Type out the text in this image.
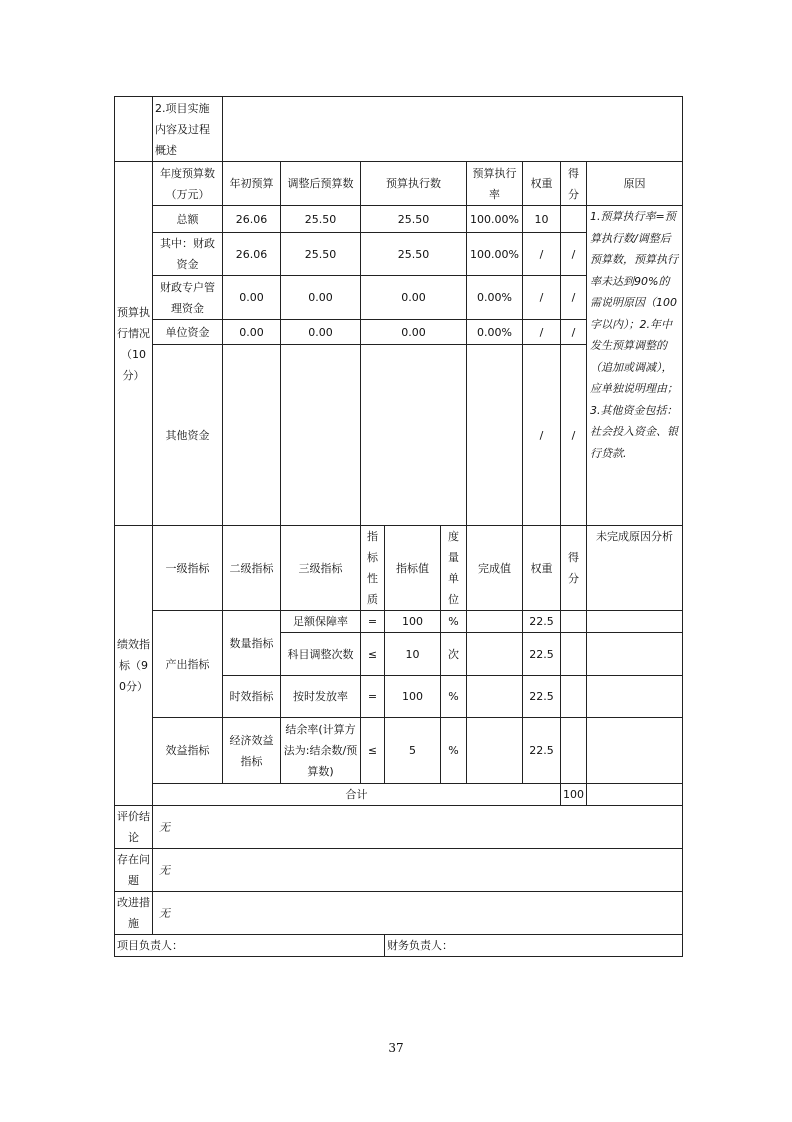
	2.项目实施内容及过程概述										
预算执行情况（10分）	年度预算数（万元）	年初预算	调整后预算数	预算执行数			预算执行率	权重	得分	原因	
	总额	26.06	25.50	25.50			100.00%	10		1.预算执行率=预算执行数/调整后预算数，预算执行率未达到90%的需说明原因（100字以内）；2.年中发生预算调整的（追加或调减），应单独说明理由；3.其他资金包括：社会投入资金、银行贷款.	
	其中：财政资金	26.06	25.50	25.50			100.00%	/	/		
	财政专户管理资金	0.00	0.00	0.00			0.00%	/	/		
	单位资金	0.00	0.00	0.00			0.00%	/	/		
	其他资金							/	/		
绩效指标（90分）	一级指标	二级指标	三级指标	指标性质	指标值	度量单位	完成值	权重	得分	未完成原因分析	
	产出指标	数量指标	足额保障率	=	100	%		22.5			
			科目调整次数	≤	10	次		22.5			
		时效指标	按时发放率	=	100	%		22.5			
	效益指标	经济效益指标	结余率(计算方法为:结余数/预算数)	≤	5	%		22.5			
	合计								100		
评价结论	无										
存在问题	无										
改进措施	无										
项目负责人：					财务负责人：						
37
